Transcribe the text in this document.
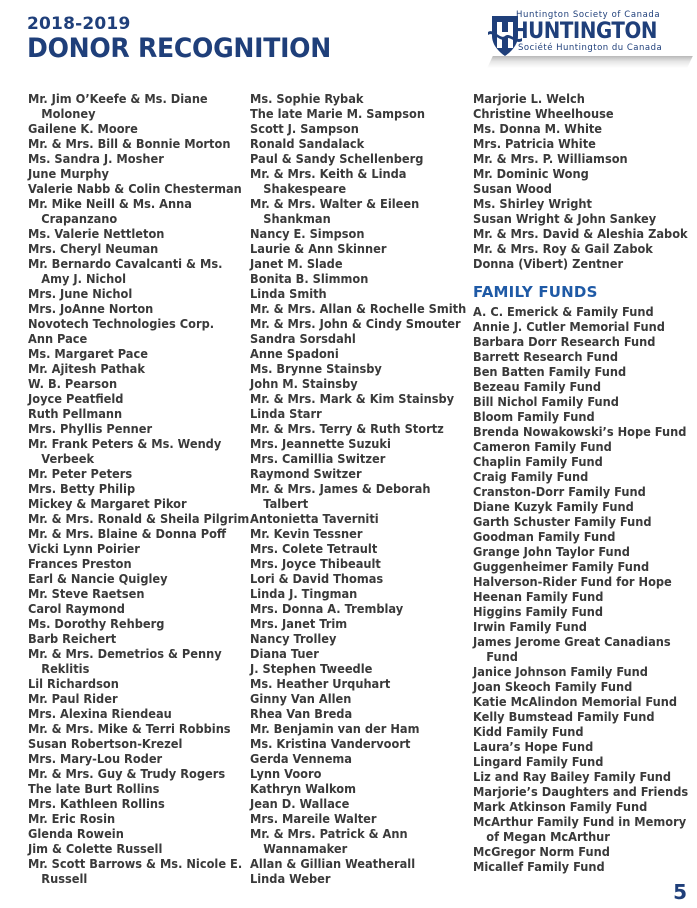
2018-2019
DONOR RECOGNITION
Huntington Society of Canada
HUNTINGTON
Société Huntington du Canada
Mr. Jim O’Keefe & Ms. Diane
Moloney
Gailene K. Moore
Mr. & Mrs. Bill & Bonnie Morton
Ms. Sandra J. Mosher
June Murphy
Valerie Nabb & Colin Chesterman
Mr. Mike Neill & Ms. Anna
Crapanzano
Ms. Valerie Nettleton
Mrs. Cheryl Neuman
Mr. Bernardo Cavalcanti & Ms.
Amy J. Nichol
Mrs. June Nichol
Mrs. JoAnne Norton
Novotech Technologies Corp.
Ann Pace
Ms. Margaret Pace
Mr. Ajitesh Pathak
W. B. Pearson
Joyce Peatfield
Ruth Pellmann
Mrs. Phyllis Penner
Mr. Frank Peters & Ms. Wendy
Verbeek
Mr. Peter Peters
Mrs. Betty Philip
Mickey & Margaret Pikor
Mr. & Mrs. Ronald & Sheila Pilgrim
Mr. & Mrs. Blaine & Donna Poff
Vicki Lynn Poirier
Frances Preston
Earl & Nancie Quigley
Mr. Steve Raetsen
Carol Raymond
Ms. Dorothy Rehberg
Barb Reichert
Mr. & Mrs. Demetrios & Penny
Reklitis
Lil Richardson
Mr. Paul Rider
Mrs. Alexina Riendeau
Mr. & Mrs. Mike & Terri Robbins
Susan Robertson-Krezel
Mrs. Mary-Lou Roder
Mr. & Mrs. Guy & Trudy Rogers
The late Burt Rollins
Mrs. Kathleen Rollins
Mr. Eric Rosin
Glenda Rowein
Jim & Colette Russell
Mr. Scott Barrows & Ms. Nicole E.
Russell
Ms. Sophie Rybak
The late Marie M. Sampson
Scott J. Sampson
Ronald Sandalack
Paul & Sandy Schellenberg
Mr. & Mrs. Keith & Linda
Shakespeare
Mr. & Mrs. Walter & Eileen
Shankman
Nancy E. Simpson
Laurie & Ann Skinner
Janet M. Slade
Bonita B. Slimmon
Linda Smith
Mr. & Mrs. Allan & Rochelle Smith
Mr. & Mrs. John & Cindy Smouter
Sandra Sorsdahl
Anne Spadoni
Ms. Brynne Stainsby
John M. Stainsby
Mr. & Mrs. Mark & Kim Stainsby
Linda Starr
Mr. & Mrs. Terry & Ruth Stortz
Mrs. Jeannette Suzuki
Mrs. Camillia Switzer
Raymond Switzer
Mr. & Mrs. James & Deborah
Talbert
Antonietta Taverniti
Mr. Kevin Tessner
Mrs. Colete Tetrault
Mrs. Joyce Thibeault
Lori & David Thomas
Linda J. Tingman
Mrs. Donna A. Tremblay
Mrs. Janet Trim
Nancy Trolley
Diana Tuer
J. Stephen Tweedle
Ms. Heather Urquhart
Ginny Van Allen
Rhea Van Breda
Mr. Benjamin van der Ham
Ms. Kristina Vandervoort
Gerda Vennema
Lynn Vooro
Kathryn Walkom
Jean D. Wallace
Mrs. Mareile Walter
Mr. & Mrs. Patrick & Ann
Wannamaker
Allan & Gillian Weatherall
Linda Weber
Marjorie L. Welch
Christine Wheelhouse
Ms. Donna M. White
Mrs. Patricia White
Mr. & Mrs. P. Williamson
Mr. Dominic Wong
Susan Wood
Ms. Shirley Wright
Susan Wright & John Sankey
Mr. & Mrs. David & Aleshia Zabok
Mr. & Mrs. Roy & Gail Zabok
Donna (Vibert) Zentner
FAMILY FUNDS
A. C. Emerick & Family Fund
Annie J. Cutler Memorial Fund
Barbara Dorr Research Fund
Barrett Research Fund
Ben Batten Family Fund
Bezeau Family Fund
Bill Nichol Family Fund
Bloom Family Fund
Brenda Nowakowski’s Hope Fund
Cameron Family Fund
Chaplin Family Fund
Craig Family Fund
Cranston-Dorr Family Fund
Diane Kuzyk Family Fund
Garth Schuster Family Fund
Goodman Family Fund
Grange John Taylor Fund
Guggenheimer Family Fund
Halverson-Rider Fund for Hope
Heenan Family Fund
Higgins Family Fund
Irwin Family Fund
James Jerome Great Canadians
Fund
Janice Johnson Family Fund
Joan Skeoch Family Fund
Katie McAlindon Memorial Fund
Kelly Bumstead Family Fund
Kidd Family Fund
Laura’s Hope Fund
Lingard Family Fund
Liz and Ray Bailey Family Fund
Marjorie’s Daughters and Friends
Mark Atkinson Family Fund
McArthur Family Fund in Memory
of Megan McArthur
McGregor Norm Fund
Micallef Family Fund
5
